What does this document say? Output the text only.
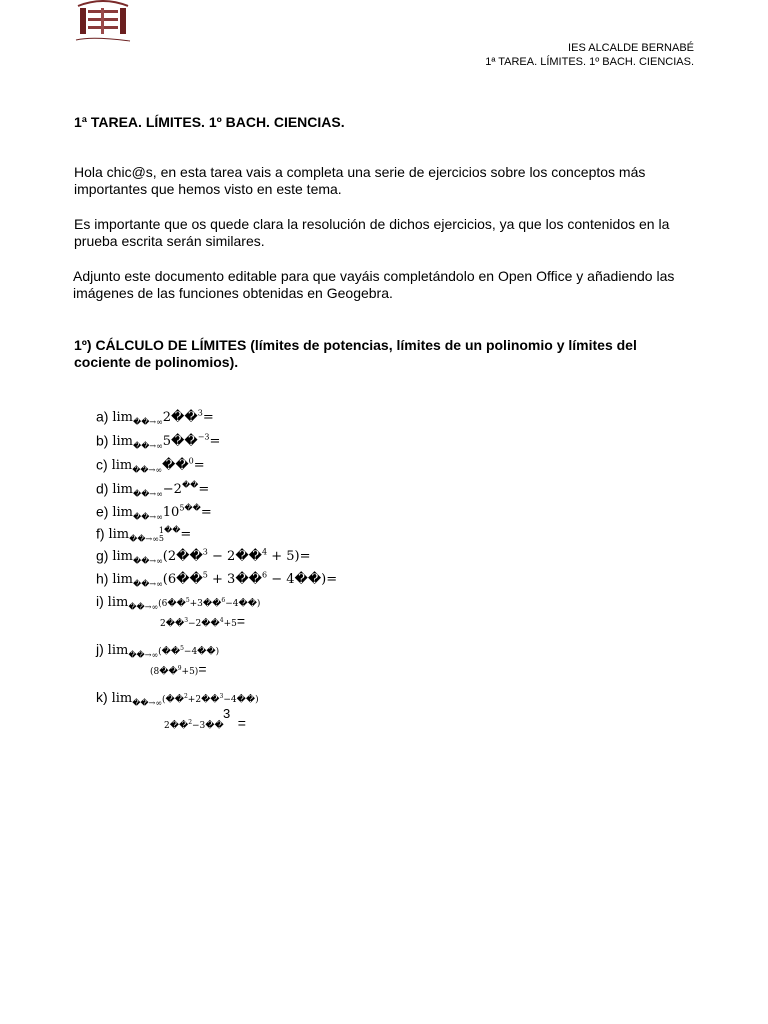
IES ALCALDE BERNABÉ
1ª TAREA. LÍMITES. 1º BACH. CIENCIAS.
1ª TAREA. LÍMITES. 1º BACH. CIENCIAS.
Hola chic@s, en esta tarea vais a completa una serie de ejercicios sobre los conceptos más importantes que hemos visto en este tema.
Es importante que os quede clara la resolución de dichos ejercicios, ya que los contenidos en la prueba escrita serán similares.
Adjunto este documento editable para que vayáis completándolo en Open Office y añadiendo las imágenes de las funciones obtenidas en Geogebra.
1º) CÁLCULO DE LÍMITES (límites de potencias, límites de un polinomio y límites del cociente de polinomios).
a) $\lim_{��\to\infty}2��^3=$
b) $\lim_{��\to\infty}5��^{-3}=$
c) $\lim_{��\to\infty}��^0=$
d) $\lim_{��\to\infty}-2^{��}=$
e) $\lim_{��\to\infty}10^{5��}=$
f) $\lim_{��\to\infty}1$
5��=
g) $\lim_{��\to\infty}(2��^3$ − 2��$^4$ + 5)=
h) $\lim_{��\to\infty}(6��^5$ + 3��$^6$ − 4��)=
i) $\lim_{��\to\infty}(6��^5+3��^6-4��)$
2��$^3$−2��$^4$+5=
j) $\lim_{��\to\infty}(��^5-4��)$
(8��$^9$+5)=
k) $\lim_{��\to\infty}(��^2+2��^3-4��)$
3
2��$^2$−3�� =
